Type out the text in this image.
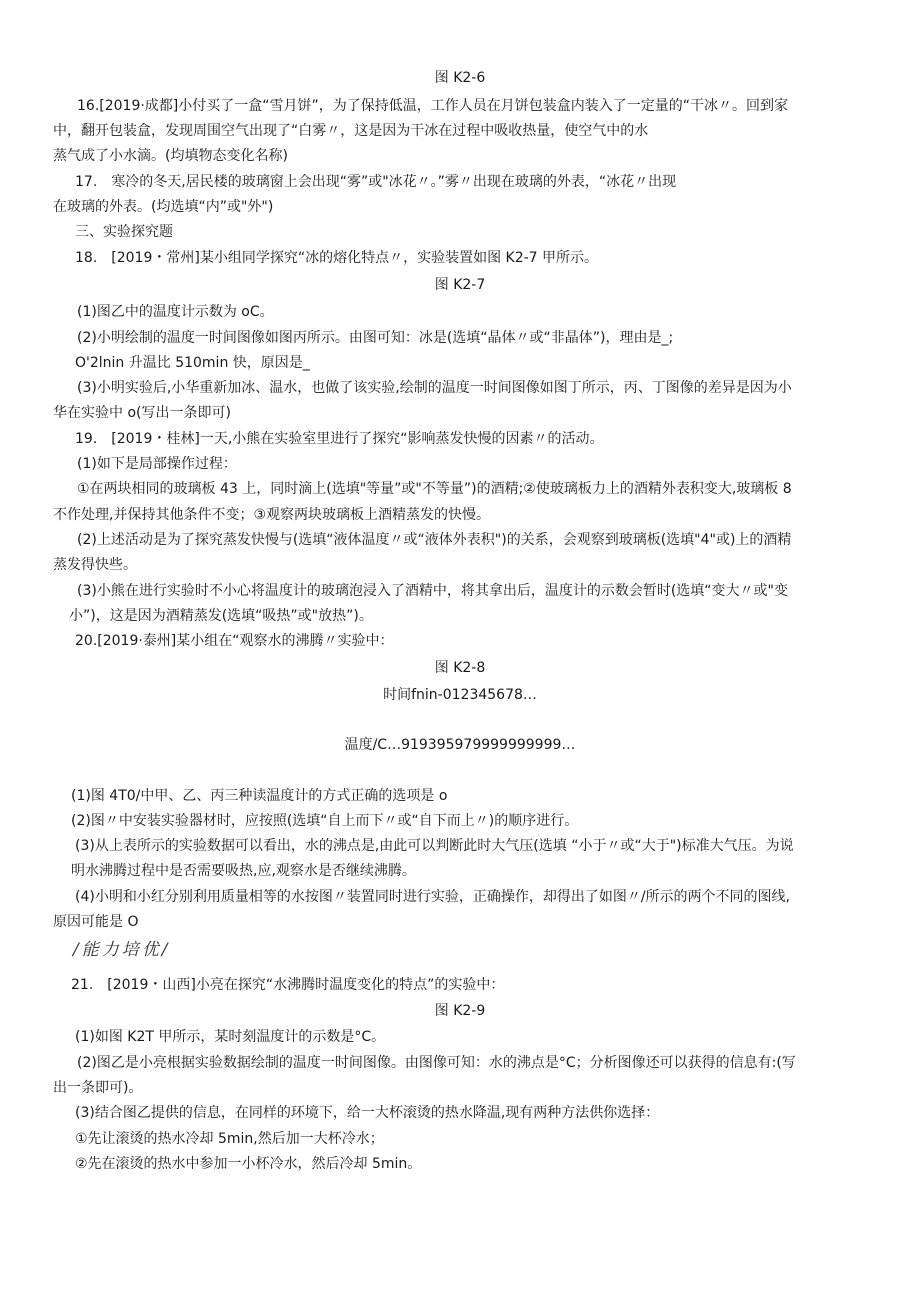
图 K2-6
16.[2019·成都]小付买了一盒“雪月饼”，为了保持低温，工作人员在月饼包装盒内装入了一定量的“干冰〃。回到家
中，翻开包装盒，发现周围空气出现了“白雾〃，这是因为干冰在过程中吸收热量，使空气中的水
蒸气成了小水滴。(均填物态变化名称)
17.　寒冷的冬天,居民楼的玻璃窗上会出现“雾”或"冰花〃。”雾〃出现在玻璃的外表，“冰花〃出现
在玻璃的外表。(均选填“内”或"外")
三、实验探究题
18.　[2019・常州]某小组同学探究“冰的熔化特点〃，实验装置如图 K2-7 甲所示。
图 K2-7
(1)图乙中的温度计示数为 oC。
(2)小明绘制的温度一时间图像如图丙所示。由图可知：冰是(选填“晶体〃或“非晶体”)，理由是_;
O'2lnin 升温比 510min 快，原因是_
(3)小明实验后,小华重新加冰、温水，也做了该实验,绘制的温度一时间图像如图丁所示，丙、丁图像的差异是因为小
华在实验中 o(写出一条即可)
19.　[2019・桂林]一天,小熊在实验室里进行了探究“影响蒸发快慢的因素〃的活动。
(1)如下是局部操作过程：
①在两块相同的玻璃板 43 上，同时滴上(选填"等量”或"不等量”)的酒精;②使玻璃板力上的酒精外表积变大,玻璃板 8
不作处理,并保持其他条件不变；③观察两块玻璃板上酒精蒸发的快慢。
(2)上述活动是为了探究蒸发快慢与(选填“液体温度〃或“液体外表积")的关系，会观察到玻璃板(选填"4"或)上的酒精
蒸发得快些。
(3)小熊在进行实验时不小心将温度计的玻璃泡浸入了酒精中，将其拿出后，温度计的示数会暂时(选填“变大〃或"变
小”)，这是因为酒精蒸发(选填“吸热”或"放热”)。
20.[2019·泰州]某小组在“观察水的沸腾〃实验中：
图 K2-8
时间fnin-012345678…
温度/C…919395979999999999…
(1)图 4T0/中甲、乙、丙三种读温度计的方式正确的选项是 o
(2)图〃中安装实验器材时，应按照(选填“自上而下〃或“自下而上〃)的顺序进行。
(3)从上表所示的实验数据可以看出，水的沸点是,由此可以判断此时大气压(选填 “小于〃或“大于")标准大气压。为说
明水沸腾过程中是否需要吸热,应,观察水是否继续沸腾。
(4)小明和小红分别利用质量相等的水按图〃装置同时进行实验，正确操作，却得出了如图〃/所示的两个不同的图线,
原因可能是 O
/能力培优/
21.　[2019・山西]小亮在探究“水沸腾时温度变化的特点”的实验中：
图 K2-9
(1)如图 K2T 甲所示，某时刻温度计的示数是°C。
(2)图乙是小亮根据实验数据绘制的温度一时间图像。由图像可知：水的沸点是°C；分析图像还可以获得的信息有:(写
出一条即可)。
(3)结合图乙提供的信息，在同样的环境下，给一大杯滚烫的热水降温,现有两种方法供你选择：
①先让滚烫的热水冷却 5min,然后加一大杯冷水；
②先在滚烫的热水中参加一小杯冷水，然后冷却 5min。
